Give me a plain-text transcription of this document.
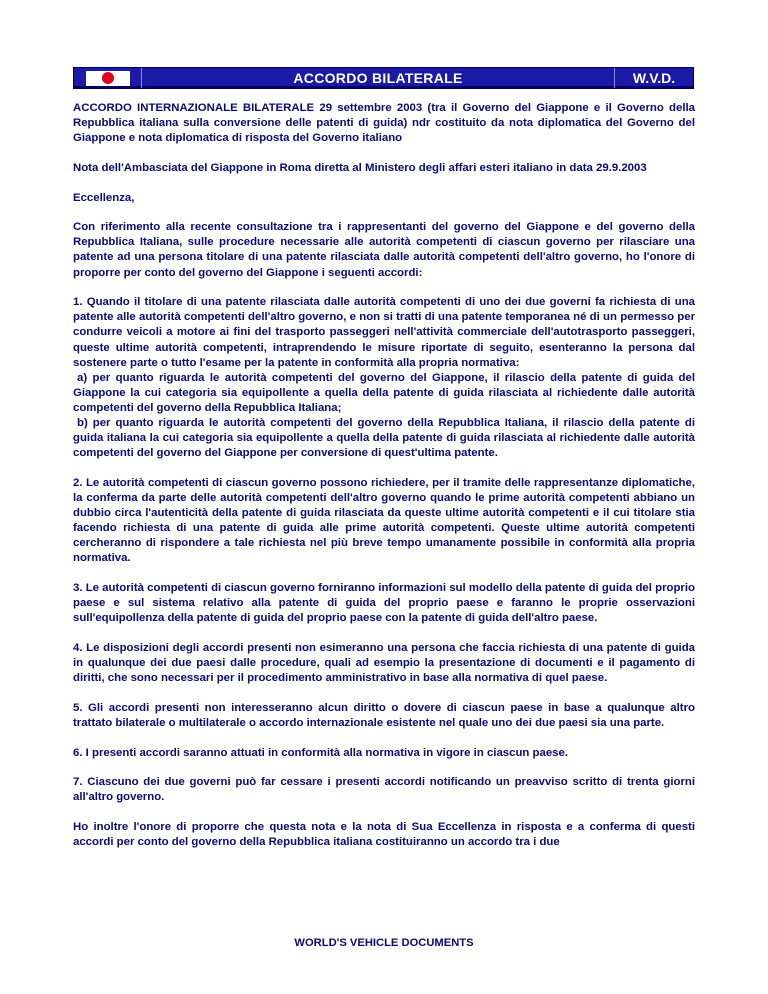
ACCORDO BILATERALE	W.V.D.

ACCORDO INTERNAZIONALE BILATERALE 29 settembre 2003 (tra il Governo del Giappone e il Governo della Repubblica italiana sulla conversione delle patenti di guida) ndr costituito da nota diplomatica del Governo del Giappone e nota diplomatica di risposta del Governo italiano

Nota dell'Ambasciata del Giappone in Roma diretta al Ministero degli affari esteri italiano in data 29.9.2003

Eccellenza,

Con riferimento alla recente consultazione tra i rappresentanti del governo del Giappone e del governo della Repubblica Italiana, sulle procedure necessarie alle autorità competenti di ciascun governo per rilasciare una patente ad una persona titolare di una patente rilasciata dalle autorità competenti dell'altro governo, ho l'onore di proporre per conto del governo del Giappone i seguenti accordi:

1. Quando il titolare di una patente rilasciata dalle autorità competenti di uno dei due governi fa richiesta di una patente alle autorità competenti dell'altro governo, e non si tratti di una patente temporanea né di un permesso per condurre veicoli a motore ai fini del trasporto passeggeri nell'attività commerciale dell'autotrasporto passeggeri, queste ultime autorità competenti, intraprendendo le misure riportate di seguito, esenteranno la persona dal sostenere parte o tutto l'esame per la patente in conformità alla propria normativa:

a) per quanto riguarda le autorità competenti del governo del Giappone, il rilascio della patente di guida del Giappone la cui categoria sia equipollente a quella della patente di guida rilasciata al richiedente dalle autorità competenti del governo della Repubblica Italiana;

b) per quanto riguarda le autorità competenti del governo della Repubblica Italiana, il rilascio della patente di guida italiana la cui categoria sia equipollente a quella della patente di guida rilasciata al richiedente dalle autorità competenti del governo del Giappone per conversione di quest'ultima patente.

2. Le autorità competenti di ciascun governo possono richiedere, per il tramite delle rappresentanze diplomatiche, la conferma da parte delle autorità competenti dell'altro governo quando le prime autorità competenti abbiano un dubbio circa l'autenticità della patente di guida rilasciata da queste ultime autorità competenti e il cui titolare stia facendo richiesta di una patente di guida alle prime autorità competenti. Queste ultime autorità competenti cercheranno di rispondere a tale richiesta nel più breve tempo umanamente possibile in conformità alla propria normativa.

3. Le autorità competenti di ciascun governo forniranno informazioni sul modello della patente di guida del proprio paese e sul sistema relativo alla patente di guida del proprio paese e faranno le proprie osservazioni sull'equipollenza della patente di guida del proprio paese con la patente di guida dell'altro paese.

4. Le disposizioni degli accordi presenti non esimeranno una persona che faccia richiesta di una patente di guida in qualunque dei due paesi dalle procedure, quali ad esempio la presentazione di documenti e il pagamento di diritti, che sono necessari per il procedimento amministrativo in base alla normativa di quel paese.

5. Gli accordi presenti non interesseranno alcun diritto o dovere di ciascun paese in base a qualunque altro trattato bilaterale o multilaterale o accordo internazionale esistente nel quale uno dei due paesi sia una parte.

6. I presenti accordi saranno attuati in conformità alla normativa in vigore in ciascun paese.

7. Ciascuno dei due governi può far cessare i presenti accordi notificando un preavviso scritto di trenta giorni all'altro governo.

Ho inoltre l'onore di proporre che questa nota e la nota di Sua Eccellenza in risposta e a conferma di questi accordi per conto del governo della Repubblica italiana costituiranno un accordo tra i due

WORLD'S VEHICLE DOCUMENTS
